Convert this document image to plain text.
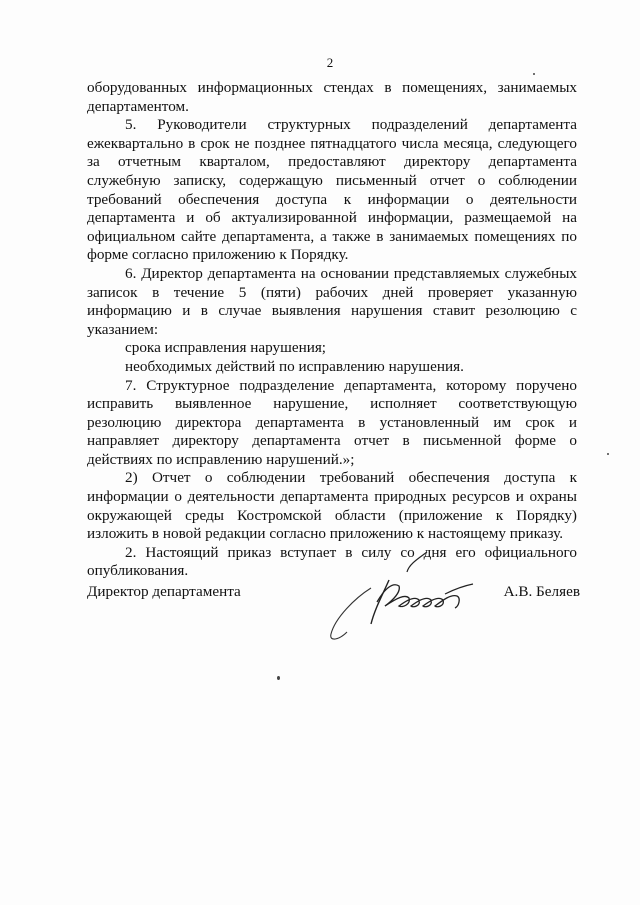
2

оборудованных информационных стендах в помещениях, занимаемых департаментом.

5. Руководители структурных подразделений департамента ежеквартально в срок не позднее пятнадцатого числа месяца, следующего за отчетным кварталом, предоставляют директору департамента служебную записку, содержащую письменный отчет о соблюдении требований обеспечения доступа к информации о деятельности департамента и об актуализированной информации, размещаемой на официальном сайте департамента, а также в занимаемых помещениях по форме согласно приложению к Порядку.

6. Директор департамента на основании представляемых служебных записок в течение 5 (пяти) рабочих дней проверяет указанную информацию и в случае выявления нарушения ставит резолюцию с указанием:

срока исправления нарушения;

необходимых действий по исправлению нарушения.

7. Структурное подразделение департамента, которому поручено исправить выявленное нарушение, исполняет соответствующую резолюцию директора департамента в установленный им срок и направляет директору департамента отчет в письменной форме о действиях по исправлению нарушений.»;

2) Отчет о соблюдении требований обеспечения доступа к информации о деятельности департамента природных ресурсов и охраны окружающей среды Костромской области (приложение к Порядку) изложить в новой редакции согласно приложению к настоящему приказу.

2. Настоящий приказ вступает в силу со дня его официального опубликования.

Директор департамента	А.В. Беляев
